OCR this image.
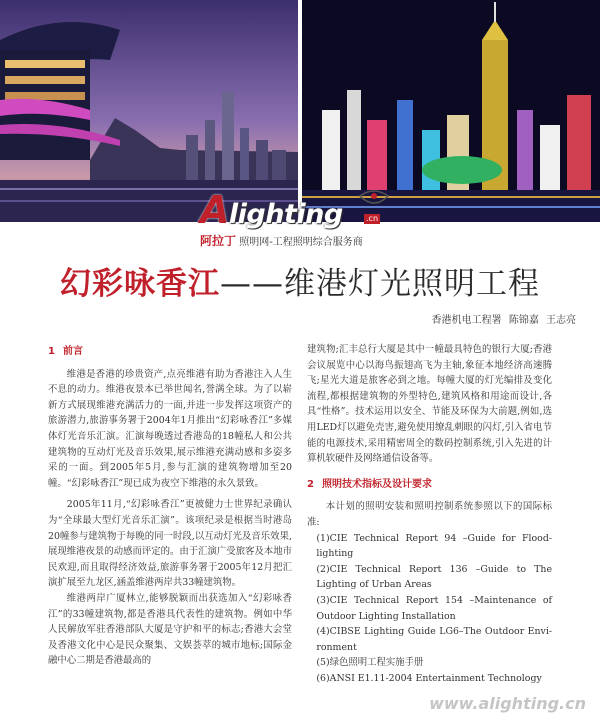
Alighting	.cn
阿拉丁 照明网-工程照明综合服务商
幻彩咏香江——维港灯光照明工程
香港机电工程署 陈锦嘉 王志亮
1 前言

维港是香港的珍贵资产,点亮维港有助为香港注入人生不息的动力。维港夜景本已举世闻名,誉满全球。为了以崭新方式展现维港充满活力的一面,并进一步发挥这项资产的旅游潜力,旅游事务署于2004年1月推出“幻彩咏香江”多媒体灯光音乐汇演。汇演每晚透过香港岛的18幢私人和公共建筑物的互动灯光及音乐效果,展示维港充满动感和多姿多采的一面。到2005年5月,参与汇演的建筑物增加至20幢。“幻彩咏香江”现已成为夜空下维港的永久景致。

2005年11月,“幻彩咏香江”更被健力士世界纪录确认为“全球最大型灯光音乐汇演”。该项纪录是根据当时港岛20幢参与建筑物于每晚的同一时段,以互动灯光及音乐效果,展现维港夜景的动感而评定的。由于汇演广受旅客及本地市民欢迎,而且取得经济效益,旅游事务署于2005年12月把汇演扩展至九龙区,涵盖维港两岸共33幢建筑物。

维港两岸广厦林立,能够脱颖而出获选加入“幻彩咏香江”的33幢建筑物,都是香港具代表性的建筑物。例如中华人民解放军驻香港部队大厦是守护和平的标志;香港大会堂及香港文化中心是民众聚集、文娱荟萃的城市地标;国际金融中心二期是香港最高的

建筑物;汇丰总行大厦是其中一幢最具特色的银行大厦;香港会议展览中心以海鸟振翅高飞为主轴,象征本地经济高速腾飞;星光大道是旅客必到之地。每幢大厦的灯光编排及变化流程,都根据建筑物的外型特色,建筑风格和用途而设计,各具“性格”。技术运用以安全、节能及环保为大前题,例如,选用LED灯以避免壳害,避免使用缭乱刺眼的闪灯,引入省电节能的电源技术,采用精密周全的数码控制系统,引入先进的计算机软硬件及网络通信设备等。

2 照明技术指标及设计要求

本计划的照明安装和照明控制系统参照以下的国际标准:

(1)CIE Technical Report 94 –Guide for Flood-lighting

(2)CIE Technical Report 136 –Guide to The Lighting of Urban Areas

(3)CIE Technical Report 154 –Maintenance of Outdoor Lighting Installation

(4)CIBSE Lighting Guide LG6–The Outdoor Envi-ronment

(5)绿色照明工程实施手册

(6)ANSI E1.11-2004 Entertainment Technology

www.alighting.cn
